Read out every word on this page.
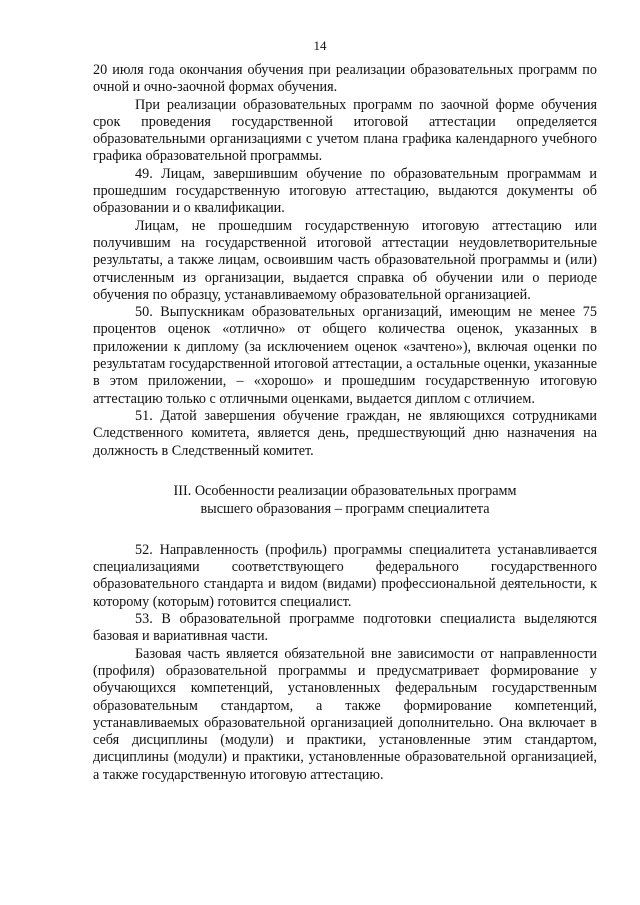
14

20 июля года окончания обучения при реализации образовательных программ по очной и очно-заочной формах обучения.

При реализации образовательных программ по заочной форме обучения срок проведения государственной итоговой аттестации определяется образовательными организациями с учетом плана графика календарного учебного графика образовательной программы.

49. Лицам, завершившим обучение по образовательным программам и прошедшим государственную итоговую аттестацию, выдаются документы об образовании и о квалификации.

Лицам, не прошедшим государственную итоговую аттестацию или получившим на государственной итоговой аттестации неудовлетворительные результаты, а также лицам, освоившим часть образовательной программы и (или) отчисленным из организации, выдается справка об обучении или о периоде обучения по образцу, устанавливаемому образовательной организацией.

50. Выпускникам образовательных организаций, имеющим не менее 75 процентов оценок «отлично» от общего количества оценок, указанных в приложении к диплому (за исключением оценок «зачтено»), включая оценки по результатам государственной итоговой аттестации, а остальные оценки, указанные в этом приложении, – «хорошо» и прошедшим государственную итоговую аттестацию только с отличными оценками, выдается диплом с отличием.

51. Датой завершения обучение граждан, не являющихся сотрудниками Следственного комитета, является день, предшествующий дню назначения на должность в Следственный комитет.

III. Особенности реализации образовательных программ
высшего образования – программ специалитета

52. Направленность (профиль) программы специалитета устанавливается специализациями соответствующего федерального государственного образовательного стандарта и видом (видами) профессиональной деятельности, к которому (которым) готовится специалист.

53. В образовательной программе подготовки специалиста выделяются базовая и вариативная части.

Базовая часть является обязательной вне зависимости от направленности (профиля) образовательной программы и предусматривает формирование у обучающихся компетенций, установленных федеральным государственным образовательным стандартом, а также формирование компетенций, устанавливаемых образовательной организацией дополнительно. Она включает в себя дисциплины (модули) и практики, установленные этим стандартом, дисциплины (модули) и практики, установленные образовательной организацией, а также государственную итоговую аттестацию.
